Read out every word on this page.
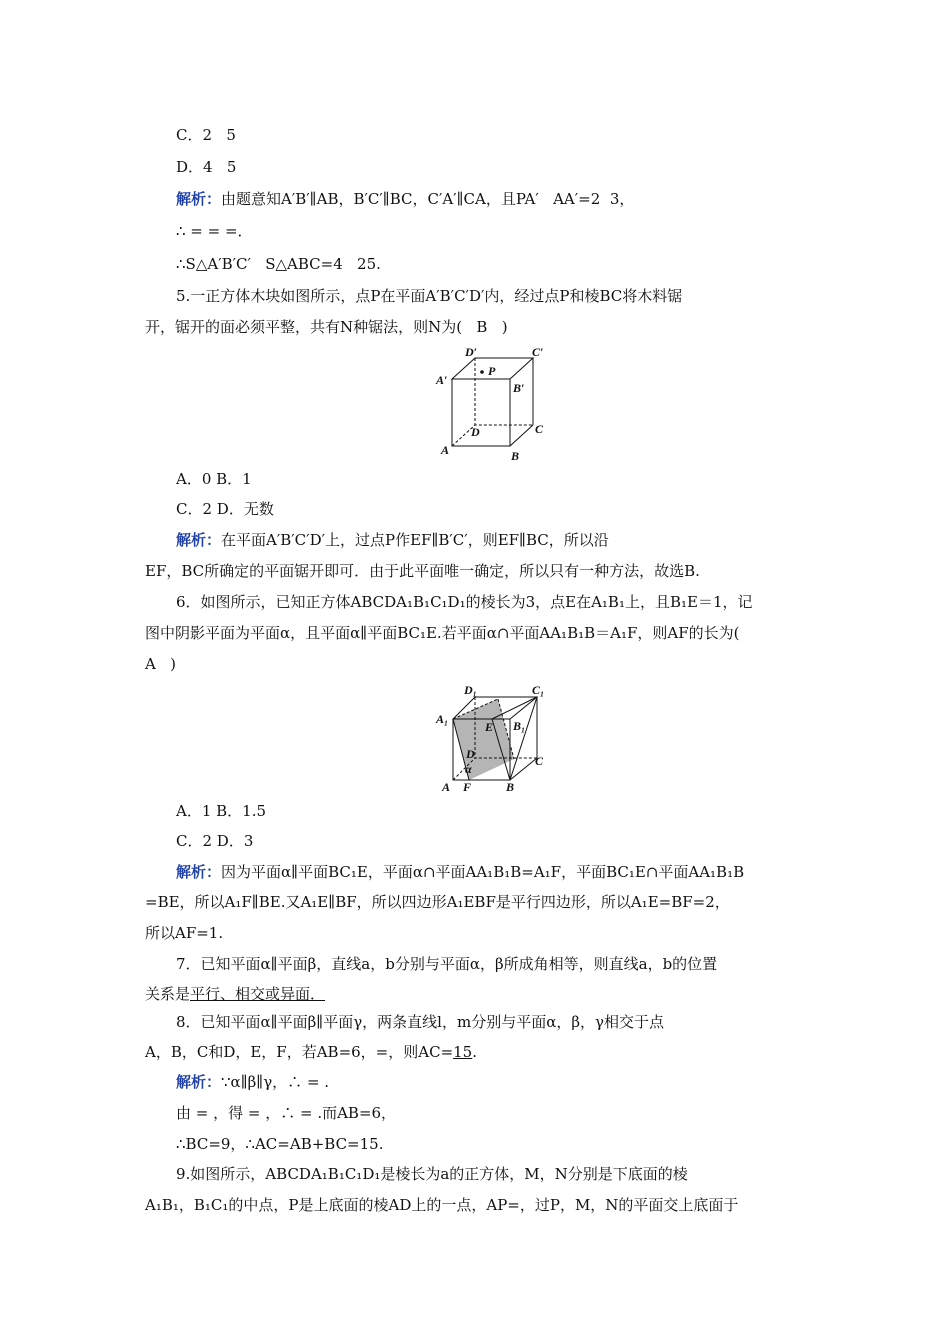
C．2   5
D．4   5
解析：由题意知A′B′∥AB，B′C′∥BC，C′A′∥CA，且PA′   AA′=2  3，
∴ = = =．
∴S△A′B′C′   S△ABC=4   25.
5.一正方体木块如图所示，点P在平面A′B′C′D′内，经过点P和棱BC将木料锯
开，锯开的面必须平整，共有N种锯法，则N为(   B   )
D′	C′
A′
B′
P
D	C
A	B
A．0 B．1
C．2 D．无数
解析：在平面A′B′C′D′上，过点P作EF∥B′C′，则EF∥BC，所以沿
EF，BC所确定的平面锯开即可．由于此平面唯一确定，所以只有一种方法，故选B.
6．如图所示，已知正方体ABCDA₁B₁C₁D₁的棱长为3，点E在A₁B₁上，且B₁E＝1，记
图中阴影平面为平面α，且平面α∥平面BC₁E.若平面α∩平面AA₁B₁B＝A₁F，则AF的长为(
A   )
D₁	C₁
A₁	B₁
E
D	C
α
A F	B
A．1 B．1.5
C．2 D．3
解析：因为平面α∥平面BC₁E，平面α∩平面AA₁B₁B=A₁F，平面BC₁E∩平面AA₁B₁B
=BE，所以A₁F∥BE.又A₁E∥BF，所以四边形A₁EBF是平行四边形，所以A₁E=BF=2，
所以AF=1.
7．已知平面α∥平面β，直线a，b分别与平面α，β所成角相等，则直线a，b的位置
关系是平行、相交或异面．
8．已知平面α∥平面β∥平面γ，两条直线l，m分别与平面α，β，γ相交于点
A，B，C和D，E，F，若AB=6，=，则AC=15.
解析：∵α∥β∥γ，∴ = .
由 = ，得 = ，∴ = .而AB=6，
∴BC=9，∴AC=AB+BC=15.
9.如图所示，ABCDA₁B₁C₁D₁是棱长为a的正方体，M，N分别是下底面的棱
A₁B₁，B₁C₁的中点，P是上底面的棱AD上的一点，AP=，过P，M，N的平面交上底面于
